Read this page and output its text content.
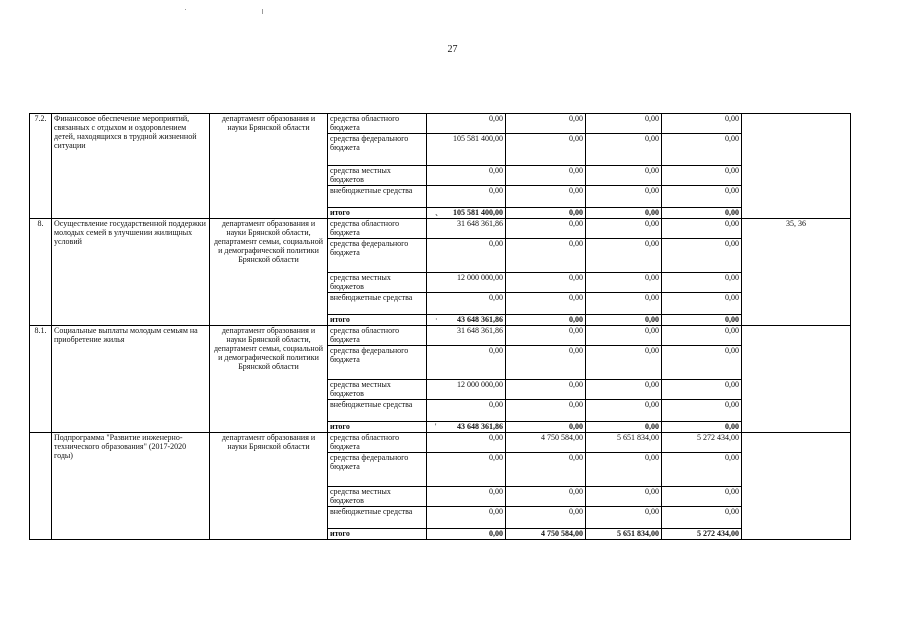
27
7.2.	Финансовое обеспечение мероприятий, связанных с отдыхом и оздоровлением детей, находящихся в трудной жизненной ситуации	департамент образования и науки Брянской области	средства областного бюджета	0,00	0,00	0,00	0,00	
			средства федерального бюджета	105 581 400,00	0,00	0,00	0,00	
			средства местных бюджетов	0,00	0,00	0,00	0,00	
			внебюджетные средства	0,00	0,00	0,00	0,00	
			итого	、 105 581 400,00	0,00	0,00	0,00	
8.	Осуществление государственной поддержки молодых семей в улучшении жилищных условий	департамент образования и науки Брянской области, департамент семьи, социальной и демографической политики Брянской области	средства областного бюджета	31 648 361,86	0,00	0,00	0,00	35, 36
			средства федерального бюджета	0,00	0,00	0,00	0,00	
			средства местных бюджетов	12 000 000,00	0,00	0,00	0,00	
			внебюджетные средства	0,00	0,00	0,00	0,00	
			итого	· 43 648 361,86	0,00	0,00	0,00	
8.1.	Социальные выплаты молодым семьям на приобретение жилья	департамент образования и науки Брянской области, департамент семьи, социальной и демографической политики Брянской области	средства областного бюджета	31 648 361,86	0,00	0,00	0,00	
			средства федерального бюджета	0,00	0,00	0,00	0,00	
			средства местных бюджетов	12 000 000,00	0,00	0,00	0,00	
			внебюджетные средства	0,00	0,00	0,00	0,00	
			итого	' 43 648 361,86	0,00	0,00	0,00	
	Подпрограмма "Развитие инженерно-технического образования" (2017-2020 годы)	департамент образования и науки Брянской области	средства областного бюджета	0,00	4 750 584,00	5 651 834,00	5 272 434,00	
			средства федерального бюджета	0,00	0,00	0,00	0,00	
			средства местных бюджетов	0,00	0,00	0,00	0,00	
			внебюджетные средства	0,00	0,00	0,00	0,00	
			итого	0,00	4 750 584,00	5 651 834,00	5 272 434,00	
